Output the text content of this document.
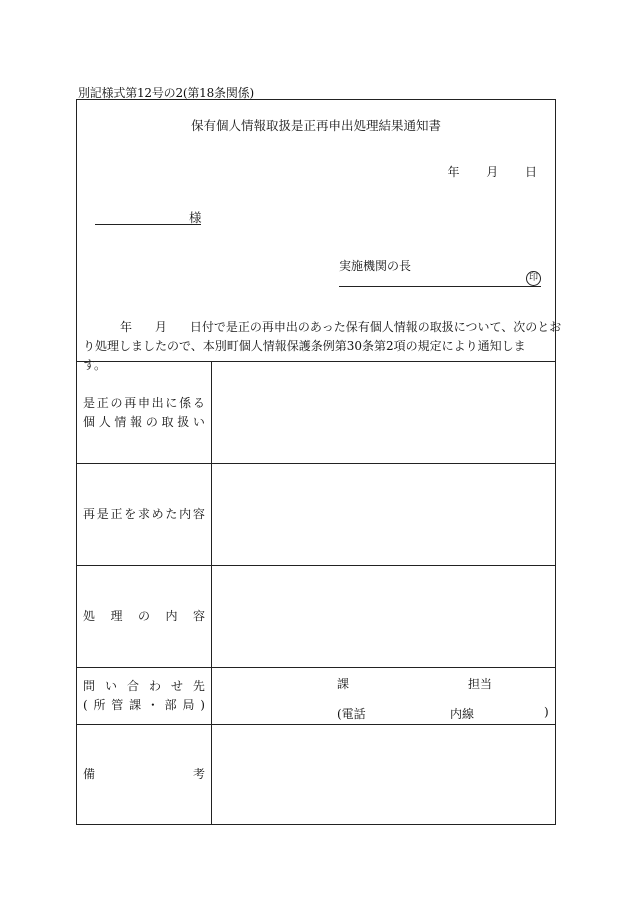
別記様式第12号の2(第18条関係)
保有個人情報取扱是正再申出処理結果通知書
年 月 日
様
実施機関の長
印
年 月 日付で是正の再申出のあった保有個人情報の取扱について、次のとお
り処理しましたので、本別町個人情報保護条例第30条第2項の規定により通知します。
是 正 の 再 申 出 に 係 る
個 人 情 報 の 取 扱 い
再 是 正 を 求 め た 内 容
処 理 の 内 容
問 い 合 わ せ 先
( 所 管 課 ・ 部 局 )
課	担当
(電話	内線	)
備	考
